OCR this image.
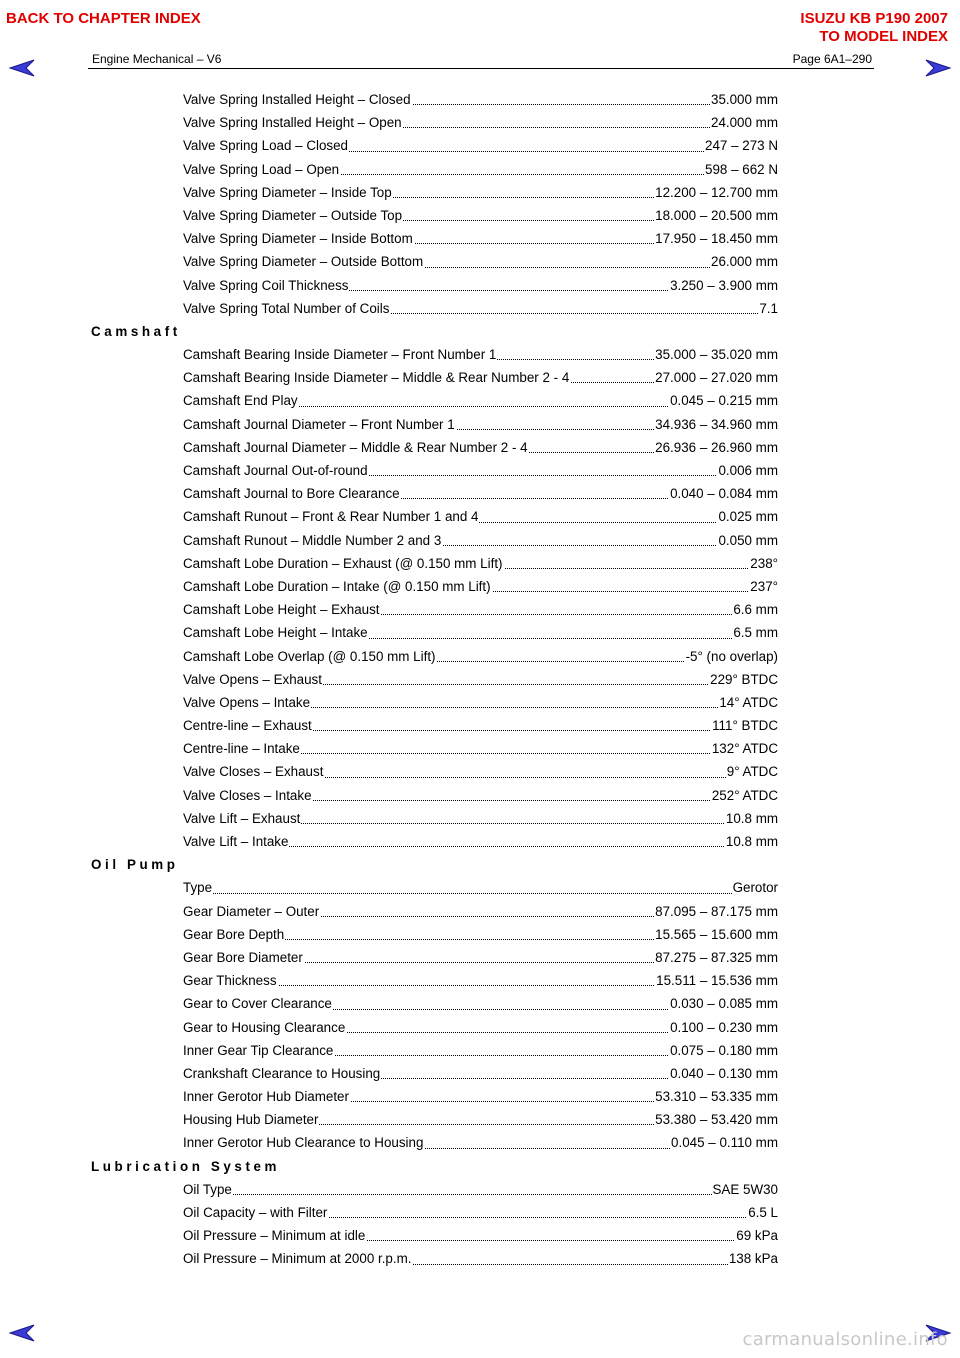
BACK TO CHAPTER INDEX	ISUZU KB P190 2007
TO MODEL INDEX
Engine Mechanical – V6	Page 6A1–290
Valve Spring Installed Height – Closed	35.000 mm
Valve Spring Installed Height – Open	24.000 mm
Valve Spring Load – Closed	247 – 273 N
Valve Spring Load – Open	598 – 662 N
Valve Spring Diameter – Inside Top	12.200 – 12.700 mm
Valve Spring Diameter – Outside Top	18.000 – 20.500 mm
Valve Spring Diameter – Inside Bottom	17.950 – 18.450 mm
Valve Spring Diameter – Outside Bottom	26.000 mm
Valve Spring Coil Thickness	3.250 – 3.900 mm
Valve Spring Total Number of Coils	7.1
Camshaft
Camshaft Bearing Inside Diameter – Front Number 1	35.000 – 35.020 mm
Camshaft Bearing Inside Diameter – Middle & Rear Number 2 - 4	27.000 – 27.020 mm
Camshaft End Play	0.045 – 0.215 mm
Camshaft Journal Diameter – Front Number 1	34.936 – 34.960 mm
Camshaft Journal Diameter – Middle & Rear Number 2 - 4	26.936 – 26.960 mm
Camshaft Journal Out-of-round	0.006 mm
Camshaft Journal to Bore Clearance	0.040 – 0.084 mm
Camshaft Runout – Front & Rear Number 1 and 4	0.025 mm
Camshaft Runout – Middle Number 2 and 3	0.050 mm
Camshaft Lobe Duration – Exhaust (@ 0.150 mm Lift)	238°
Camshaft Lobe Duration – Intake (@ 0.150 mm Lift)	237°
Camshaft Lobe Height – Exhaust	6.6 mm
Camshaft Lobe Height – Intake	6.5 mm
Camshaft Lobe Overlap (@ 0.150 mm Lift)	-5° (no overlap)
Valve Opens – Exhaust	229° BTDC
Valve Opens – Intake	14° ATDC
Centre-line – Exhaust	111° BTDC
Centre-line – Intake	132° ATDC
Valve Closes – Exhaust	9° ATDC
Valve Closes – Intake	252° ATDC
Valve Lift – Exhaust	10.8 mm
Valve Lift – Intake	10.8 mm
Oil Pump
Type	Gerotor
Gear Diameter – Outer	87.095 – 87.175 mm
Gear Bore Depth	15.565 – 15.600 mm
Gear Bore Diameter	87.275 – 87.325 mm
Gear Thickness	15.511 – 15.536 mm
Gear to Cover Clearance	0.030 – 0.085 mm
Gear to Housing Clearance	0.100 – 0.230 mm
Inner Gear Tip Clearance	0.075 – 0.180 mm
Crankshaft Clearance to Housing	0.040 – 0.130 mm
Inner Gerotor Hub Diameter	53.310 – 53.335 mm
Housing Hub Diameter	53.380 – 53.420 mm
Inner Gerotor Hub Clearance to Housing	0.045 – 0.110 mm
Lubrication System
Oil Type	SAE 5W30
Oil Capacity – with Filter	6.5 L
Oil Pressure – Minimum at idle	69 kPa
Oil Pressure – Minimum at 2000 r.p.m.	138 kPa
carmanualsonline.info
